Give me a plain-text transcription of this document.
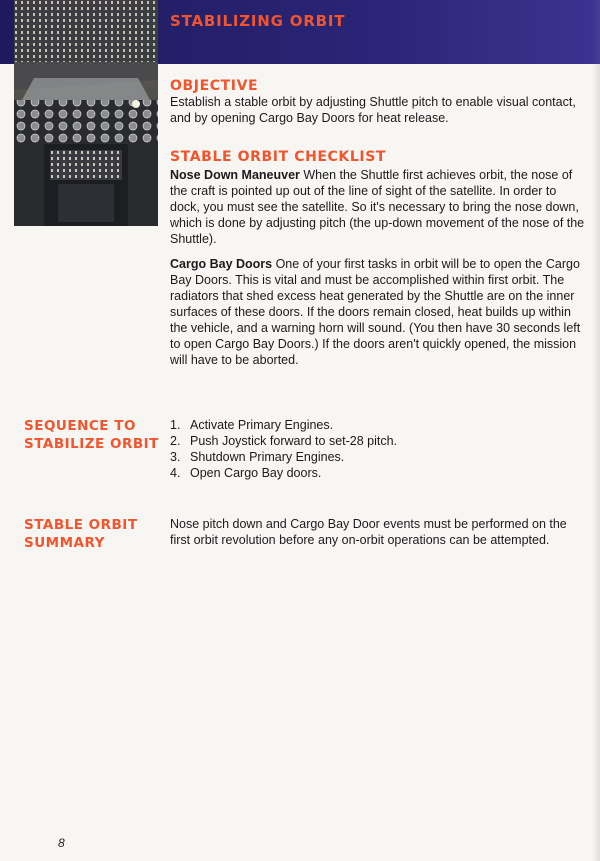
STABILIZING ORBIT
OBJECTIVE

Establish a stable orbit by adjusting Shuttle pitch to enable visual contact, and by opening Cargo Bay Doors for heat release.

STABLE ORBIT CHECKLIST

Nose Down Maneuver When the Shuttle first achieves orbit, the nose of the craft is pointed up out of the line of sight of the satellite. In order to dock, you must see the satellite. So it's necessary to bring the nose down, which is done by adjusting pitch (the up-down movement of the nose of the Shuttle).

Cargo Bay Doors One of your first tasks in orbit will be to open the Cargo Bay Doors. This is vital and must be accomplished within first orbit. The radiators that shed excess heat generated by the Shuttle are on the inner surfaces of these doors. If the doors remain closed, heat builds up within the vehicle, and a warning horn will sound. (You then have 30 seconds left to open Cargo Bay Doors.) If the doors aren't quickly opened, the mission will have to be aborted.

SEQUENCE TO STABILIZE ORBIT
1. Activate Primary Engines.
2. Push Joystick forward to set-28 pitch.
3. Shutdown Primary Engines.
4. Open Cargo Bay doors.
STABLE ORBIT SUMMARY

Nose pitch down and Cargo Bay Door events must be performed on the first orbit revolution before any on-orbit operations can be attempted.

8
